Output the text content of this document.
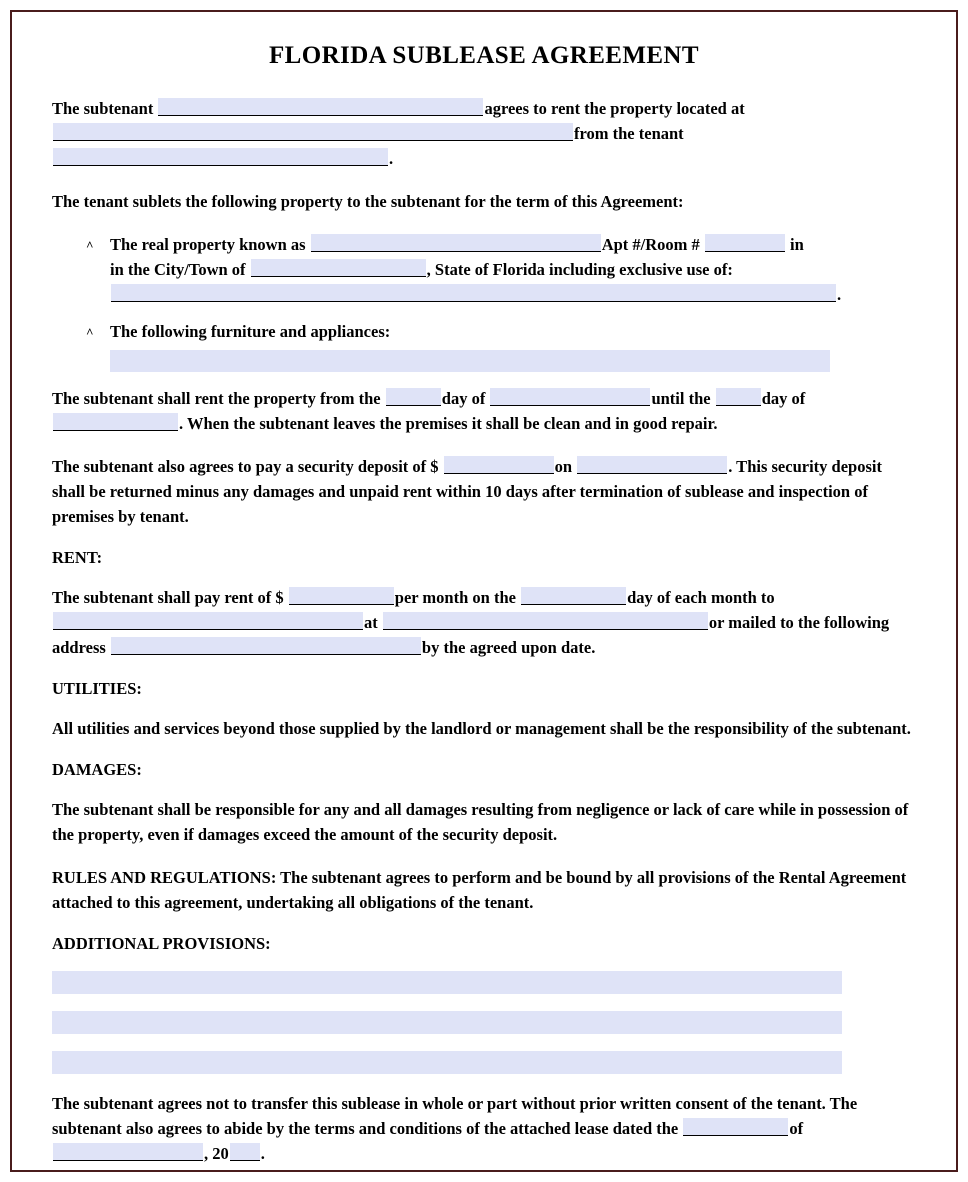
FLORIDA SUBLEASE AGREEMENT

The subtenant	agrees to rent the property located at from the tenant .

The tenant sublets the following property to the subtenant for the term of this Agreement:

^ The real property known as	Apt #/Room #	in
in the City/Town of	, State of Florida including exclusive use of:
.
^ The following furniture and appliances:

The subtenant shall rent the property from the	day of	until the	day of . When the subtenant leaves the premises it shall be clean and in good repair.

The subtenant also agrees to pay a security deposit of $	on	. This security deposit shall be returned minus any damages and unpaid rent within 10 days after termination of sublease and inspection of premises by tenant.

RENT:

The subtenant shall pay rent of $	per month on the	day of each month to at	or mailed to the following address	by the agreed upon date.

UTILITIES:

All utilities and services beyond those supplied by the landlord or management shall be the responsibility of the subtenant.

DAMAGES:

The subtenant shall be responsible for any and all damages resulting from negligence or lack of care while in possession of the property, even if damages exceed the amount of the security deposit.

RULES AND REGULATIONS: The subtenant agrees to perform and be bound by all provisions of the Rental Agreement attached to this agreement, undertaking all obligations of the tenant.

ADDITIONAL PROVISIONS:

The subtenant agrees not to transfer this sublease in whole or part without prior written consent of the tenant. The subtenant also agrees to abide by the terms and conditions of the attached lease dated the	of , 20 .
